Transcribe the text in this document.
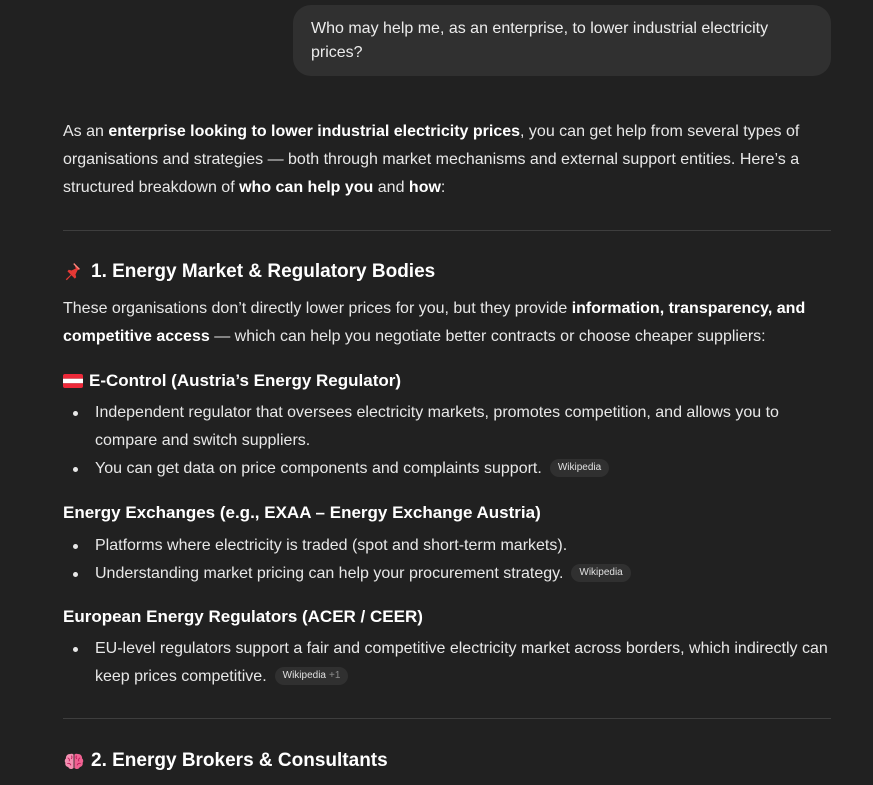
Who may help me, as an enterprise, to lower industrial electricity prices?
As an enterprise looking to lower industrial electricity prices, you can get help from several types of organisations and strategies — both through market mechanisms and external support entities. Here’s a structured breakdown of who can help you and how:
1. Energy Market & Regulatory Bodies
These organisations don’t directly lower prices for you, but they provide information, transparency, and competitive access — which can help you negotiate better contracts or choose cheaper suppliers:
E-Control (Austria’s Energy Regulator)
Independent regulator that oversees electricity markets, promotes competition, and allows you to compare and switch suppliers.
You can get data on price components and complaints support. Wikipedia
Energy Exchanges (e.g., EXAA – Energy Exchange Austria)
Platforms where electricity is traded (spot and short-term markets).
Understanding market pricing can help your procurement strategy. Wikipedia
European Energy Regulators (ACER / CEER)
EU-level regulators support a fair and competitive electricity market across borders, which indirectly can keep prices competitive. Wikipedia +1
2. Energy Brokers & Consultants
